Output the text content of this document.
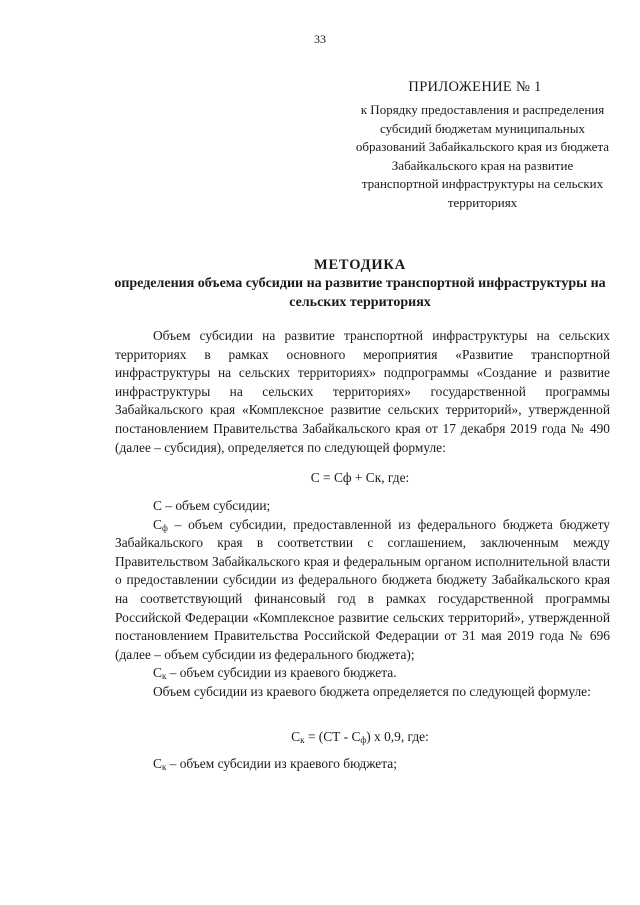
33
ПРИЛОЖЕНИЕ № 1
к Порядку предоставления и распределения субсидий бюджетам муниципальных образований Забайкальского края из бюджета Забайкальского края на развитие транспортной инфраструктуры на сельских территориях
МЕТОДИКА
определения объема субсидии на развитие транспортной инфраструктуры на сельских территориях

Объем субсидии на развитие транспортной инфраструктуры на сельских территориях в рамках основного мероприятия «Развитие транспортной инфраструктуры на сельских территориях» подпрограммы «Создание и развитие инфраструктуры на сельских территориях» государственной программы Забайкальского края «Комплексное развитие сельских территорий», утвержденной постановлением Правительства Забайкальского края от 17 декабря 2019 года № 490 (далее – субсидия), определяется по следующей формуле:

С = Сф + Ск, где:

С – объем субсидии;

$С_ф$ – объем субсидии, предоставленной из федерального бюджета бюджету Забайкальского края в соответствии с соглашением, заключенным между Правительством Забайкальского края и федеральным органом исполнительной власти о предоставлении субсидии из федерального бюджета бюджету Забайкальского края на соответствующий финансовый год в рамках государственной программы Российской Федерации «Комплексное развитие сельских территорий», утвержденной постановлением Правительства Российской Федерации от 31 мая 2019 года № 696 (далее – объем субсидии из федерального бюджета);

$С_к$ – объем субсидии из краевого бюджета.

Объем субсидии из краевого бюджета определяется по следующей формуле:

$С_к = (СТ - С_ф)$ х 0,9, где:

$С_к$ – объем субсидии из краевого бюджета;
